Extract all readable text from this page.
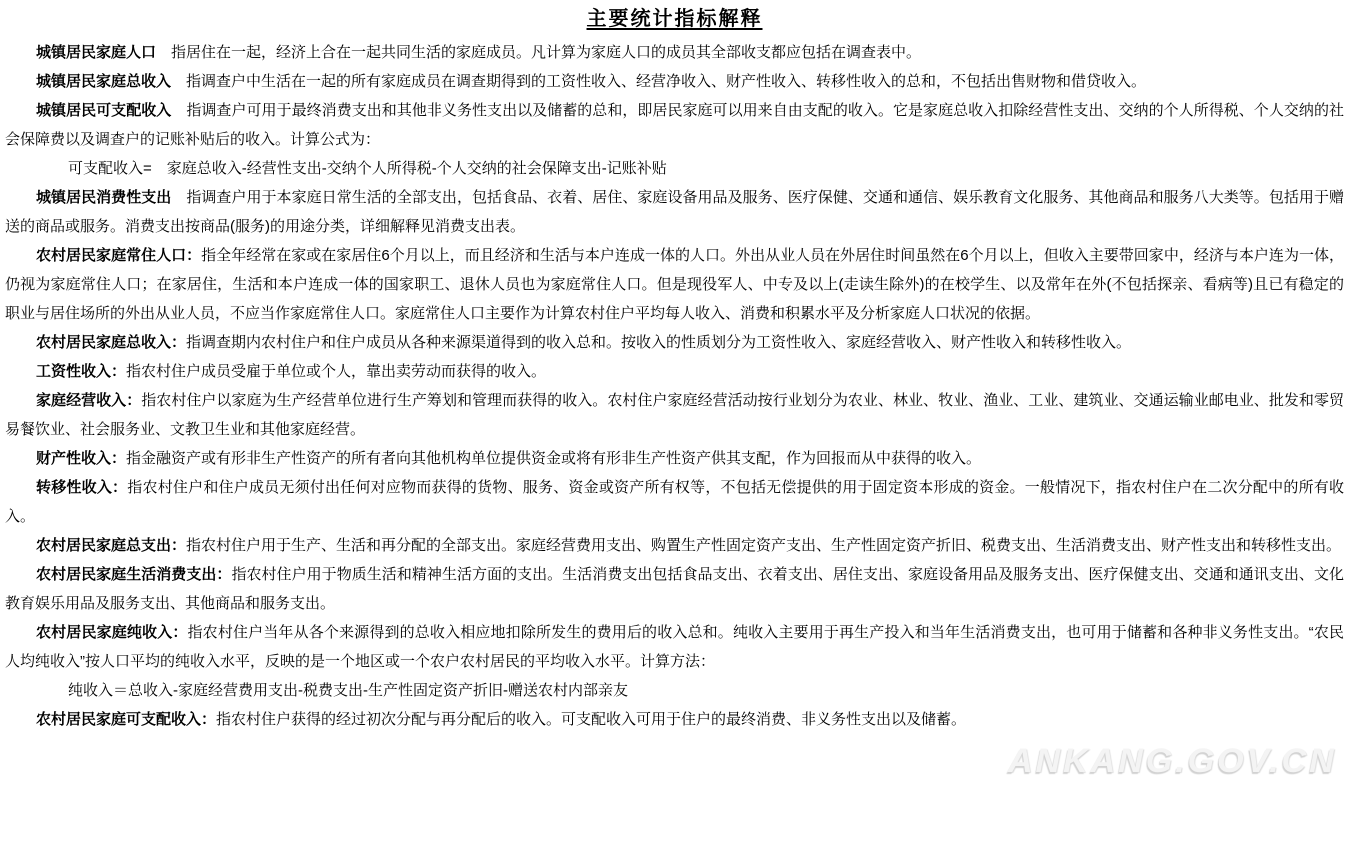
主要统计指标解释

城镇居民家庭人口　指居住在一起，经济上合在一起共同生活的家庭成员。凡计算为家庭人口的成员其全部收支都应包括在调查表中。

城镇居民家庭总收入　指调查户中生活在一起的所有家庭成员在调查期得到的工资性收入、经营净收入、财产性收入、转移性收入的总和，不包括出售财物和借贷收入。

城镇居民可支配收入　指调查户可用于最终消费支出和其他非义务性支出以及储蓄的总和，即居民家庭可以用来自由支配的收入。它是家庭总收入扣除经营性支出、交纳的个人所得税、个人交纳的社会保障费以及调查户的记账补贴后的收入。计算公式为：

可支配收入=　家庭总收入-经营性支出-交纳个人所得税-个人交纳的社会保障支出-记账补贴

城镇居民消费性支出　指调查户用于本家庭日常生活的全部支出，包括食品、衣着、居住、家庭设备用品及服务、医疗保健、交通和通信、娱乐教育文化服务、其他商品和服务八大类等。包括用于赠送的商品或服务。消费支出按商品(服务)的用途分类，详细解释见消费支出表。

农村居民家庭常住人口：指全年经常在家或在家居住6个月以上，而且经济和生活与本户连成一体的人口。外出从业人员在外居住时间虽然在6个月以上，但收入主要带回家中，经济与本户连为一体，仍视为家庭常住人口；在家居住，生活和本户连成一体的国家职工、退休人员也为家庭常住人口。但是现役军人、中专及以上(走读生除外)的在校学生、以及常年在外(不包括探亲、看病等)且已有稳定的职业与居住场所的外出从业人员，不应当作家庭常住人口。家庭常住人口主要作为计算农村住户平均每人收入、消费和积累水平及分析家庭人口状况的依据。

农村居民家庭总收入：指调查期内农村住户和住户成员从各种来源渠道得到的收入总和。按收入的性质划分为工资性收入、家庭经营收入、财产性收入和转移性收入。

工资性收入：指农村住户成员受雇于单位或个人，靠出卖劳动而获得的收入。

家庭经营收入：指农村住户以家庭为生产经营单位进行生产筹划和管理而获得的收入。农村住户家庭经营活动按行业划分为农业、林业、牧业、渔业、工业、建筑业、交通运输业邮电业、批发和零贸易餐饮业、社会服务业、文教卫生业和其他家庭经营。

财产性收入：指金融资产或有形非生产性资产的所有者向其他机构单位提供资金或将有形非生产性资产供其支配，作为回报而从中获得的收入。

转移性收入：指农村住户和住户成员无须付出任何对应物而获得的货物、服务、资金或资产所有权等，不包括无偿提供的用于固定资本形成的资金。一般情况下，指农村住户在二次分配中的所有收入。

农村居民家庭总支出：指农村住户用于生产、生活和再分配的全部支出。家庭经营费用支出、购置生产性固定资产支出、生产性固定资产折旧、税费支出、生活消费支出、财产性支出和转移性支出。

农村居民家庭生活消费支出：指农村住户用于物质生活和精神生活方面的支出。生活消费支出包括食品支出、衣着支出、居住支出、家庭设备用品及服务支出、医疗保健支出、交通和通讯支出、文化教育娱乐用品及服务支出、其他商品和服务支出。

农村居民家庭纯收入：指农村住户当年从各个来源得到的总收入相应地扣除所发生的费用后的收入总和。纯收入主要用于再生产投入和当年生活消费支出，也可用于储蓄和各种非义务性支出。“农民人均纯收入”按人口平均的纯收入水平，反映的是一个地区或一个农户农村居民的平均收入水平。计算方法：

纯收入＝总收入-家庭经营费用支出-税费支出-生产性固定资产折旧-赠送农村内部亲友

农村居民家庭可支配收入：指农村住户获得的经过初次分配与再分配后的收入。可支配收入可用于住户的最终消费、非义务性支出以及储蓄。

ANKANG.GOV.CN
